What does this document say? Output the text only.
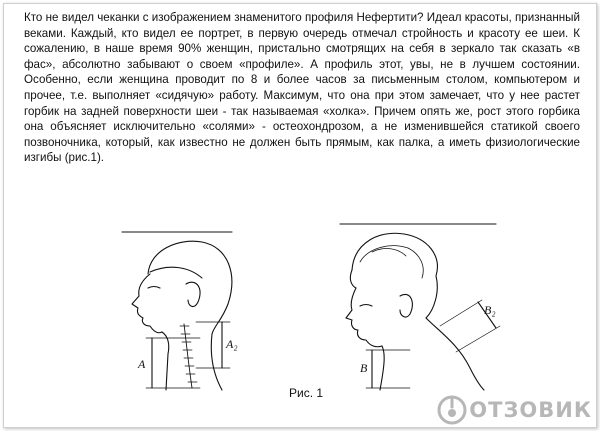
Кто не видел чеканки с изображением знаменитого профиля Нефертити? Идеал красоты, признанный веками. Каждый, кто видел ее портрет, в первую очередь отмечал стройность и красоту ее шеи. К сожалению, в наше время 90% женщин, пристально смотрящих на себя в зеркало так сказать «в фас», абсолютно забывают о своем «профиле». А профиль этот, увы, не в лучшем состоянии. Особенно, если женщина проводит по 8 и более часов за письменным столом, компьютером и прочее, т.е. выполняет «сидячую» работу. Максимум, что она при этом замечает, что у нее растет горбик на задней поверхности шеи - так называемая «холка». Причем опять же, рост этого горбика она объясняет исключительно «солями» - остеохондрозом, а не изменившейся статикой своего позвоночника, который, как известно не должен быть прямым, как палка, а иметь физиологические изгибы (рис.1).

A
A₂
B
B₂
Рис. 1
ОТЗОВИК
